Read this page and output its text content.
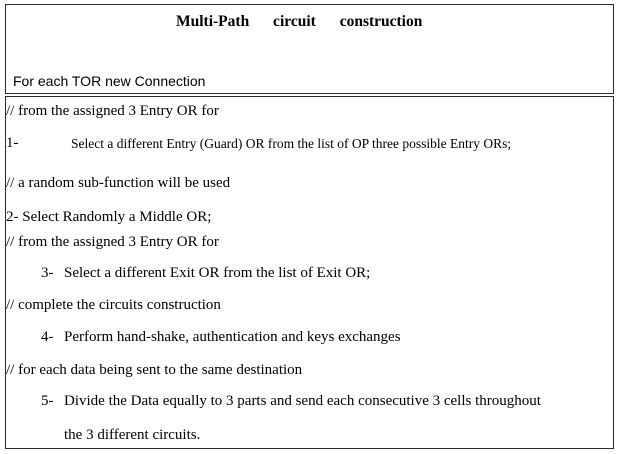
Multi-Path circuit construction
For each TOR new Connection
// from the assigned 3 Entry OR for
1-	Select a different Entry (Guard) OR from the list of OP three possible Entry ORs;
// a random sub-function will be used
2- Select Randomly a Middle OR;
// from the assigned 3 Entry OR for
3- Select a different Exit OR from the list of Exit OR;
// complete the circuits construction
4- Perform hand-shake, authentication and keys exchanges
// for each data being sent to the same destination
5- Divide the Data equally to 3 parts and send each consecutive 3 cells throughout
the 3 different circuits.
